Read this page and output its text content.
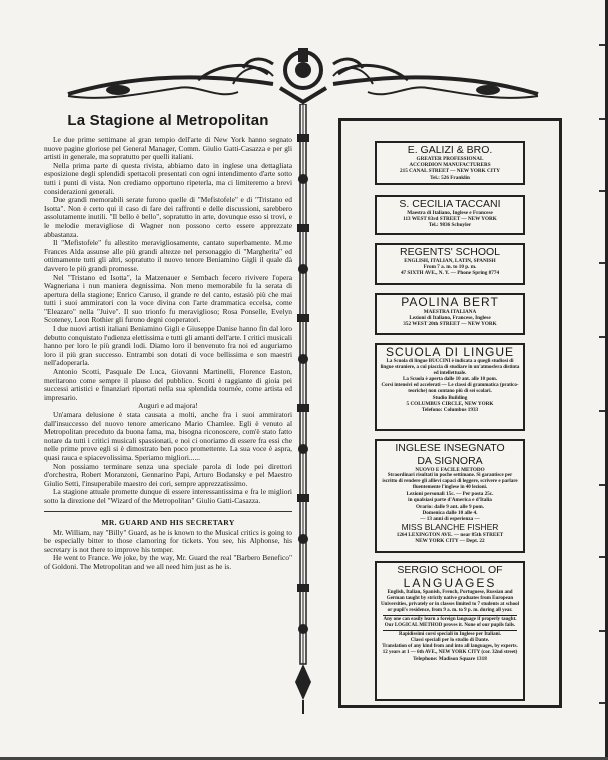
La Stagione al Metropolitan

Le due prime settimane al gran tempio dell'arte di New York hanno segnato nuove pagine gloriose pel General Manager, Comm. Giulio Gatti-Casazza e per gli artisti in generale, ma sopratutto per quelli italiani.

Nella prima parte di questa rivista, abbiamo dato in inglese una dettagliata esposizione degli splendidi spettacoli presentati con ogni intendimento d'arte sotto tutti i punti di vista. Non crediamo opportuno ripeterla, ma ci limiteremo a brevi considerazioni generali.

Due grandi memorabili serate furono quelle di "Mefistofele" e di "Tristano ed Isotta". Non è certo qui il caso di fare dei raffronti e delle discussioni, sarebbero assolutamente inutili. "Il bello è bello", sopratutto in arte, dovunque esso si trovi, e le melodie meravigliose di Wagner non possono certo essere apprezzate abbastanza.

Il "Mefistofele" fu allestito meravigliosamente, cantato superbamente. M.me Frances Alda assunse alle più grandi altezze nel personaggio di "Margherita" ed ottimamente tutti gli altri, sopratutto il nuovo tenore Beniamino Gigli il quale dà davvero le più grandi promesse.

Nel "Tristano ed Isotta", la Matzenauer e Sembach fecero rivivere l'opera Wagneriana i nun maniera degnissima. Non meno memorabile fu la serata di apertura della stagione; Enrico Caruso, il grande re del canto, estasiò più che mai tutti i suoi ammiratori con la voce divina con l'arte drammatica eccelsa, come "Eleazaro" nella "Juive". Il suo trionfo fu meraviglioso; Rosa Ponselle, Evelyn Scoteney, Leon Rothier gli furono degni cooperatori.

I due nuovi artisti italiani Beniamino Gigli e Giuseppe Danise hanno fin dal loro debutto conquistato l'udienza elettissima e tutti gli amanti dell'arte. I critici musicali hanno per loro le più grandi lodi. Diamo loro il benvenuto fra noi ed auguriamo loro il più gran successo. Entrambi son dotati di voce bellissima e son maestri nell'adoperarla.

Antonio Scotti, Pasquale De Luca, Giovanni Martinelli, Florence Easton, meritarono come sempre il plauso del pubblico. Scotti è raggiante di gioia pei successi artistici e finanziari riportati nella sua splendida tournée, come artista ed impresario.

Auguri e ad majora!

Un'amara delusione è stata causata a molti, anche fra i suoi ammiratori dall'insuccesso del nuovo tenore americano Mario Chamlee. Egli è venuto al Metropolitan preceduto da buona fama, ma, bisogna riconoscere, com'è stato fatto notare da tutti i critici musicali spassionati, e noi ci onoriamo di essere fra essi che nelle prime prove egli si è dimostrato ben poco promettente. La sua voce è aspra, quasi rauca e spiacevolissima. Speriamo migliori......

Non possiamo terminare senza una speciale parola di lode pei direttori d'orchestra, Robert Moranzoni, Gennarino Papi, Arturo Bodansky e pel Maestro Giulio Setti, l'insuperabile maestro dei cori, sempre apprezzatissimo.

La stagione attuale promette dunque di essere interessantissima e fra le migliori sotto la direzione del "Wizard of the Metropolitan" Giulio Gatti-Casazza.

MR. GUARD AND HIS SECRETARY

Mr. William, nay "Billy" Guard, as he is known to the Musical critics is going to be especially bitter to those clamoring for tickets. You see, his Alphonse, his secretary is not there to improve his temper.

He went to France. We joke, by the way, Mr. Guard the real "Barbero Benefico" of Goldoni. The Metropolitan and we all need him just as he is.

E. GALIZI & BRO.
GREATER PROFESSIONAL
ACCORDION MANUFACTURERS
215 CANAL STREET — NEW YORK CITY
Tel.: 526 Franklin
S. CECILIA TACCANI
Maestra di Italiano, Inglese e Francese
113 WEST 83rd STREET — NEW YORK
Tel.: 9836 Schuyler
REGENTS' SCHOOL
ENGLISH, ITALIAN, LATIN, SPANISH
From 7 a. m. to 10 p. m.
47 SIXTH AVE., N. Y. — Phone Spring 8774
PAOLINA BERT
MAESTRA ITALIANA
Lezioni di Italiano, Francese, Inglese
352 WEST 20th STREET — NEW YORK
SCUOLA DI LINGUE
La Scuola di lingue BUCCINI è indicata a quegli studiosi di lingue straniere, a cui piaccia di studiare in un'atmosfera distinta ed intellettuale.
La Scuola è aperta dalle 10 ant. alle 10 pom.
Corsi intensivi ed accelerati — Le classi di grammatica (pratico-teoriche) non contano più di sei scolari.
Studio Building
5 COLUMBUS CIRCLE, NEW YORK
Telefono: Columbus 1933
INGLESE INSEGNATO
DA SIGNORA
NUOVO E FACILE METODO
Straordinari risultati in poche settimane. Si garantisce per iscritto di rendere gli allievi capaci di leggere, scrivere e parlare fluentemente l'inglese in 40 lezioni.
Lezioni personali 15c. — Per posta 25c.
in qualsiasi parte d'America e d'Italia
Orario: dalle 9 ant. alle 9 pom.
Domenica dalle 10 alle 4.
— 13 anni di esperienza —
MISS BLANCHE FISHER
1264 LEXINGTON AVE. — near 85th STREET
NEW YORK CITY — Dept. 22
SERGIO SCHOOL OF
LANGUAGES
English, Italian, Spanish, French, Portuguese, Russian and German taught by strictly native graduates from European Universities, privately or in classes limited to 7 students at school or pupil's residence, from 9 a. m. to 9 p. m. during all year.
Any one can easily learn a foreign language if properly taught. Our LOGICAL METHOD proves it. None of our pupils fails.
Rapidissimi corsi speciali in Inglese per Italiani.
Classi speciali per lo studio di Dante.
Translation of any kind from and into all languages, by experts.
12 years at 1 — 6th AVE., NEW YORK CITY (cor. 32nd street)
Telephone: Madison Square 1318
